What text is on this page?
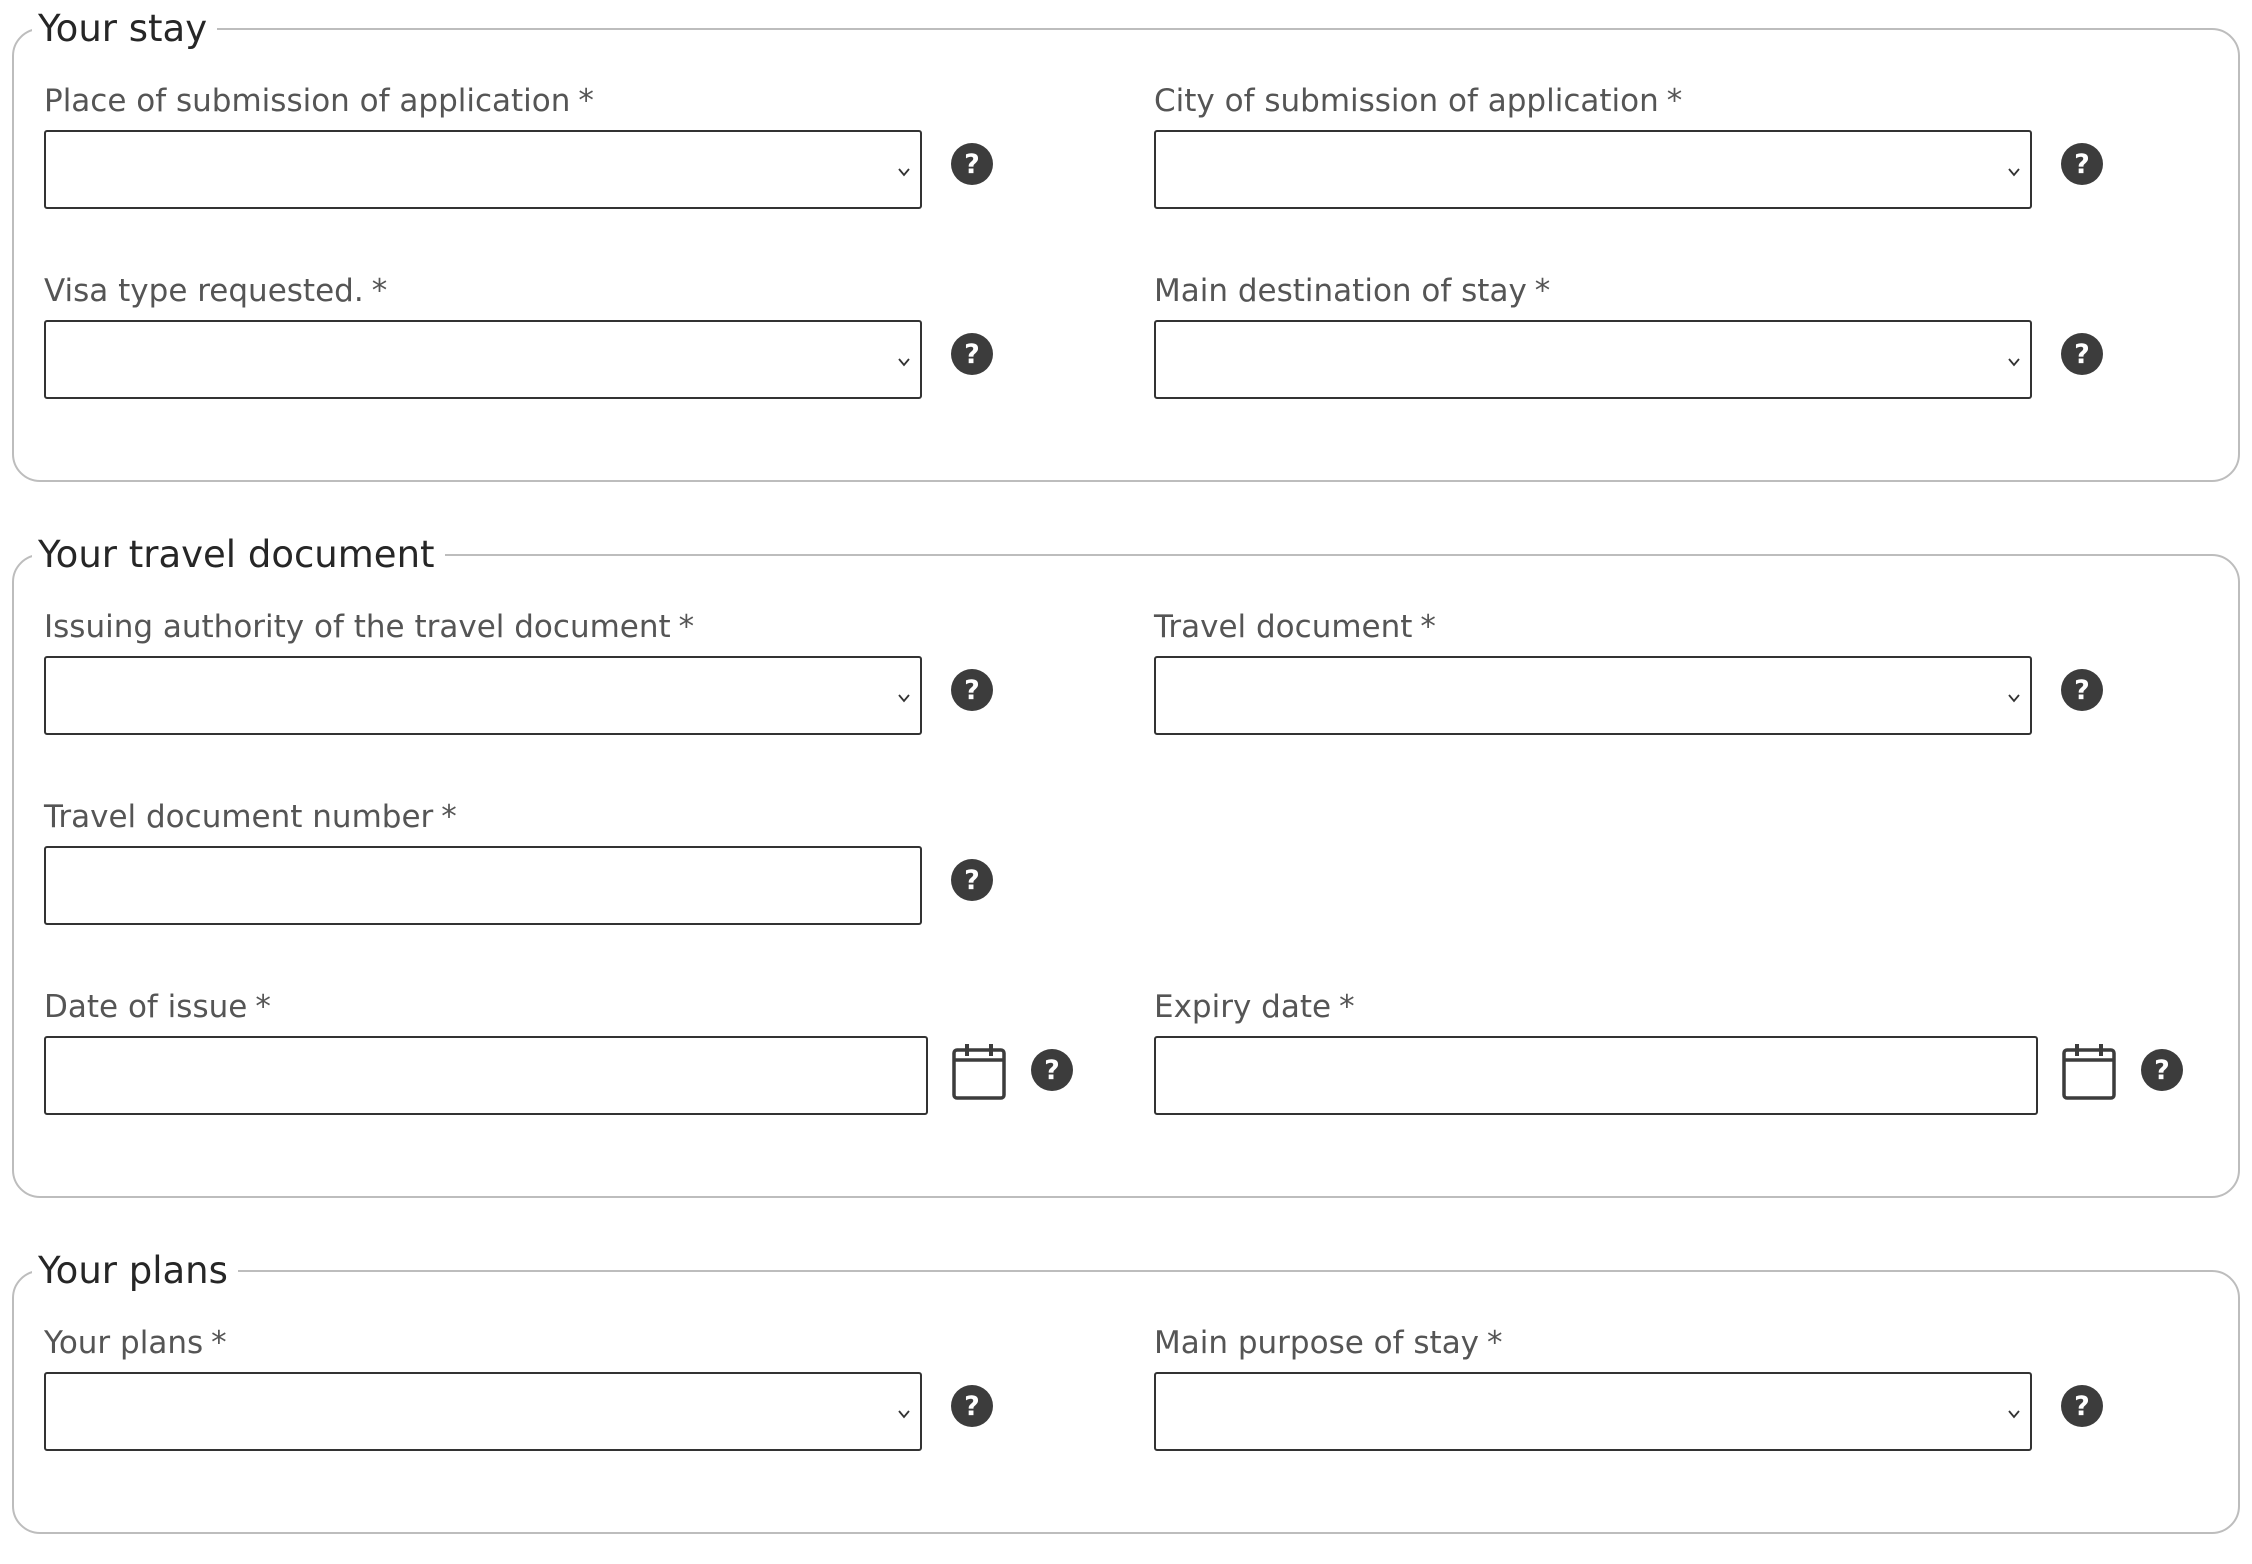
Your stay
Place of submission of application *
?
City of submission of application *
?
Visa type requested. *
?
Main destination of stay *
?
Your travel document
Issuing authority of the travel document *
?
Travel document *
?
Travel document number *
?
Date of issue *
?
Expiry date *
?
Your plans
Your plans *
?
Main purpose of stay *
?
